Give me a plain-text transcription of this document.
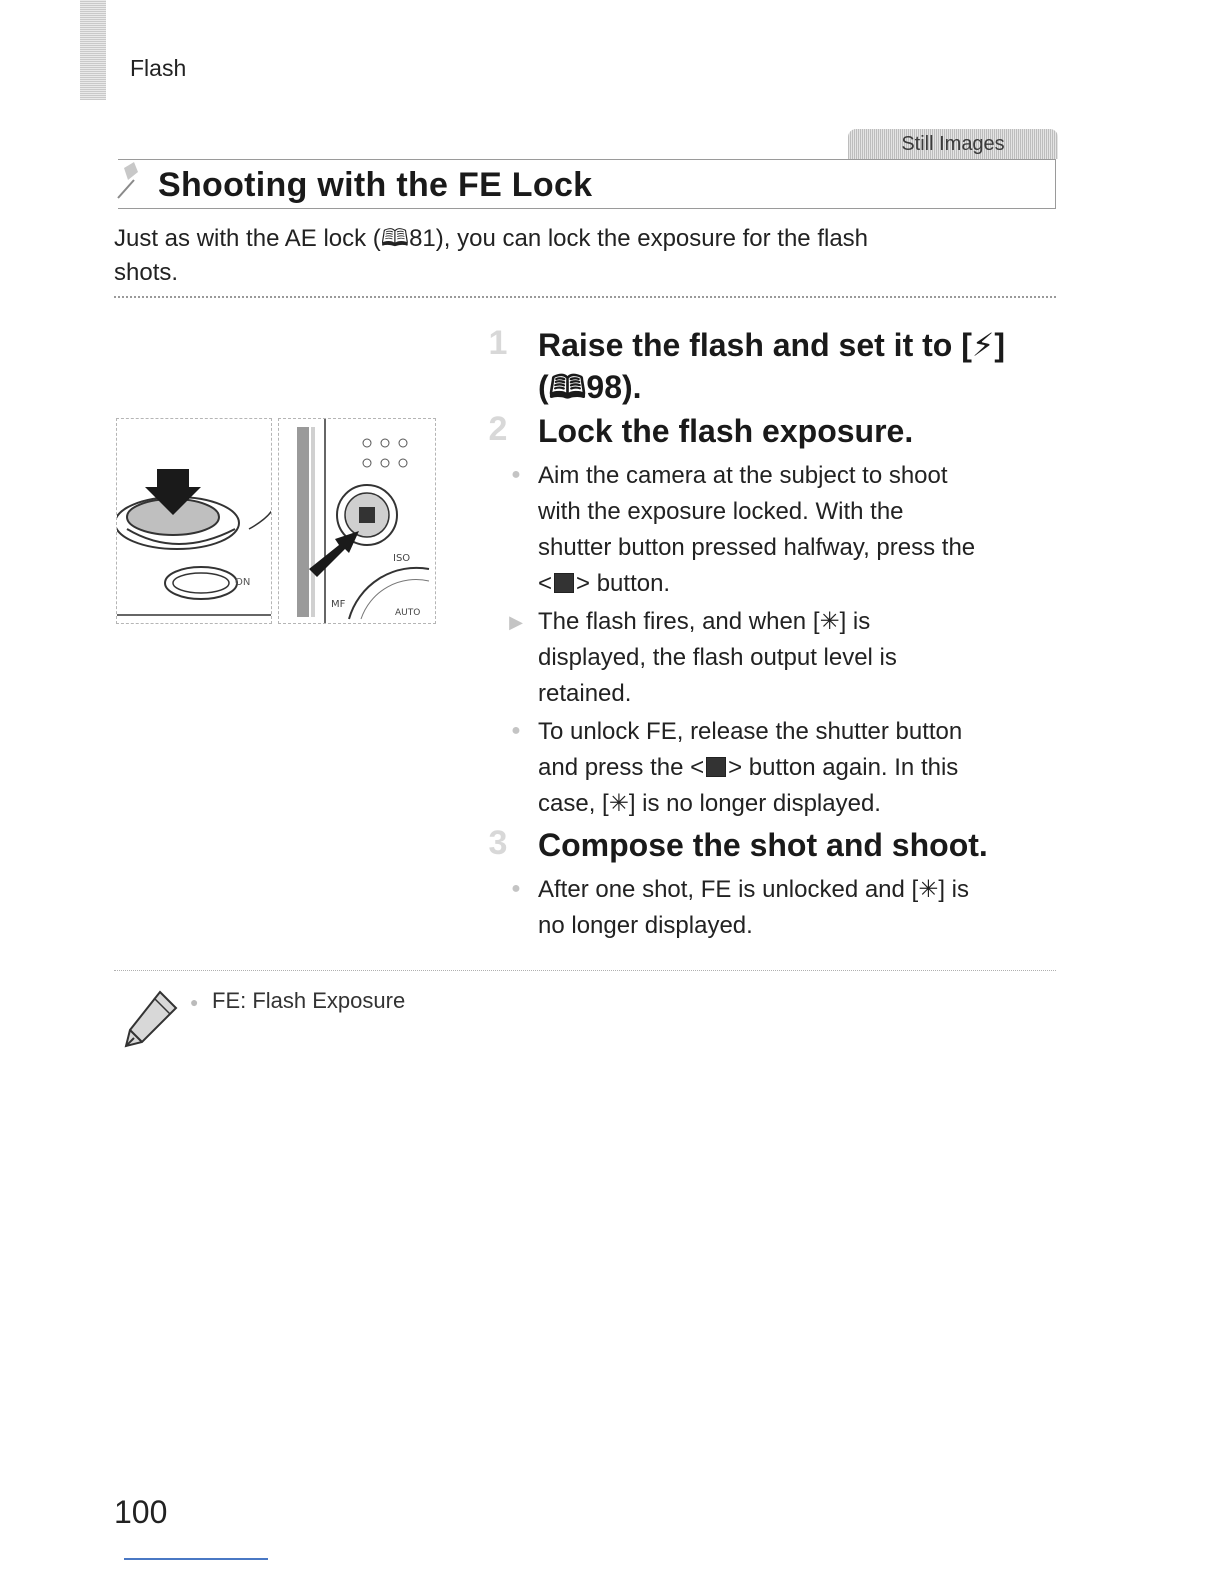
Flash
Still Images
Shooting with the FE Lock
Just as with the AE lock (🕮81), you can lock the exposure for the flash
shots.
ON
ISO
MF
AUTO
1 Raise the flash and set it to [⚡]
(🕮98).
2 Lock the flash exposure.
● Aim the camera at the subject to shoot
with the exposure locked. With the
shutter button pressed halfway, press the
< > button.
▶ The flash fires, and when [✳] is
displayed, the flash output level is
retained.
● To unlock FE, release the shutter button
and press the < > button again. In this
case, [✳] is no longer displayed.
3 Compose the shot and shoot.
● After one shot, FE is unlocked and [✳] is
no longer displayed.
● FE: Flash Exposure
100
